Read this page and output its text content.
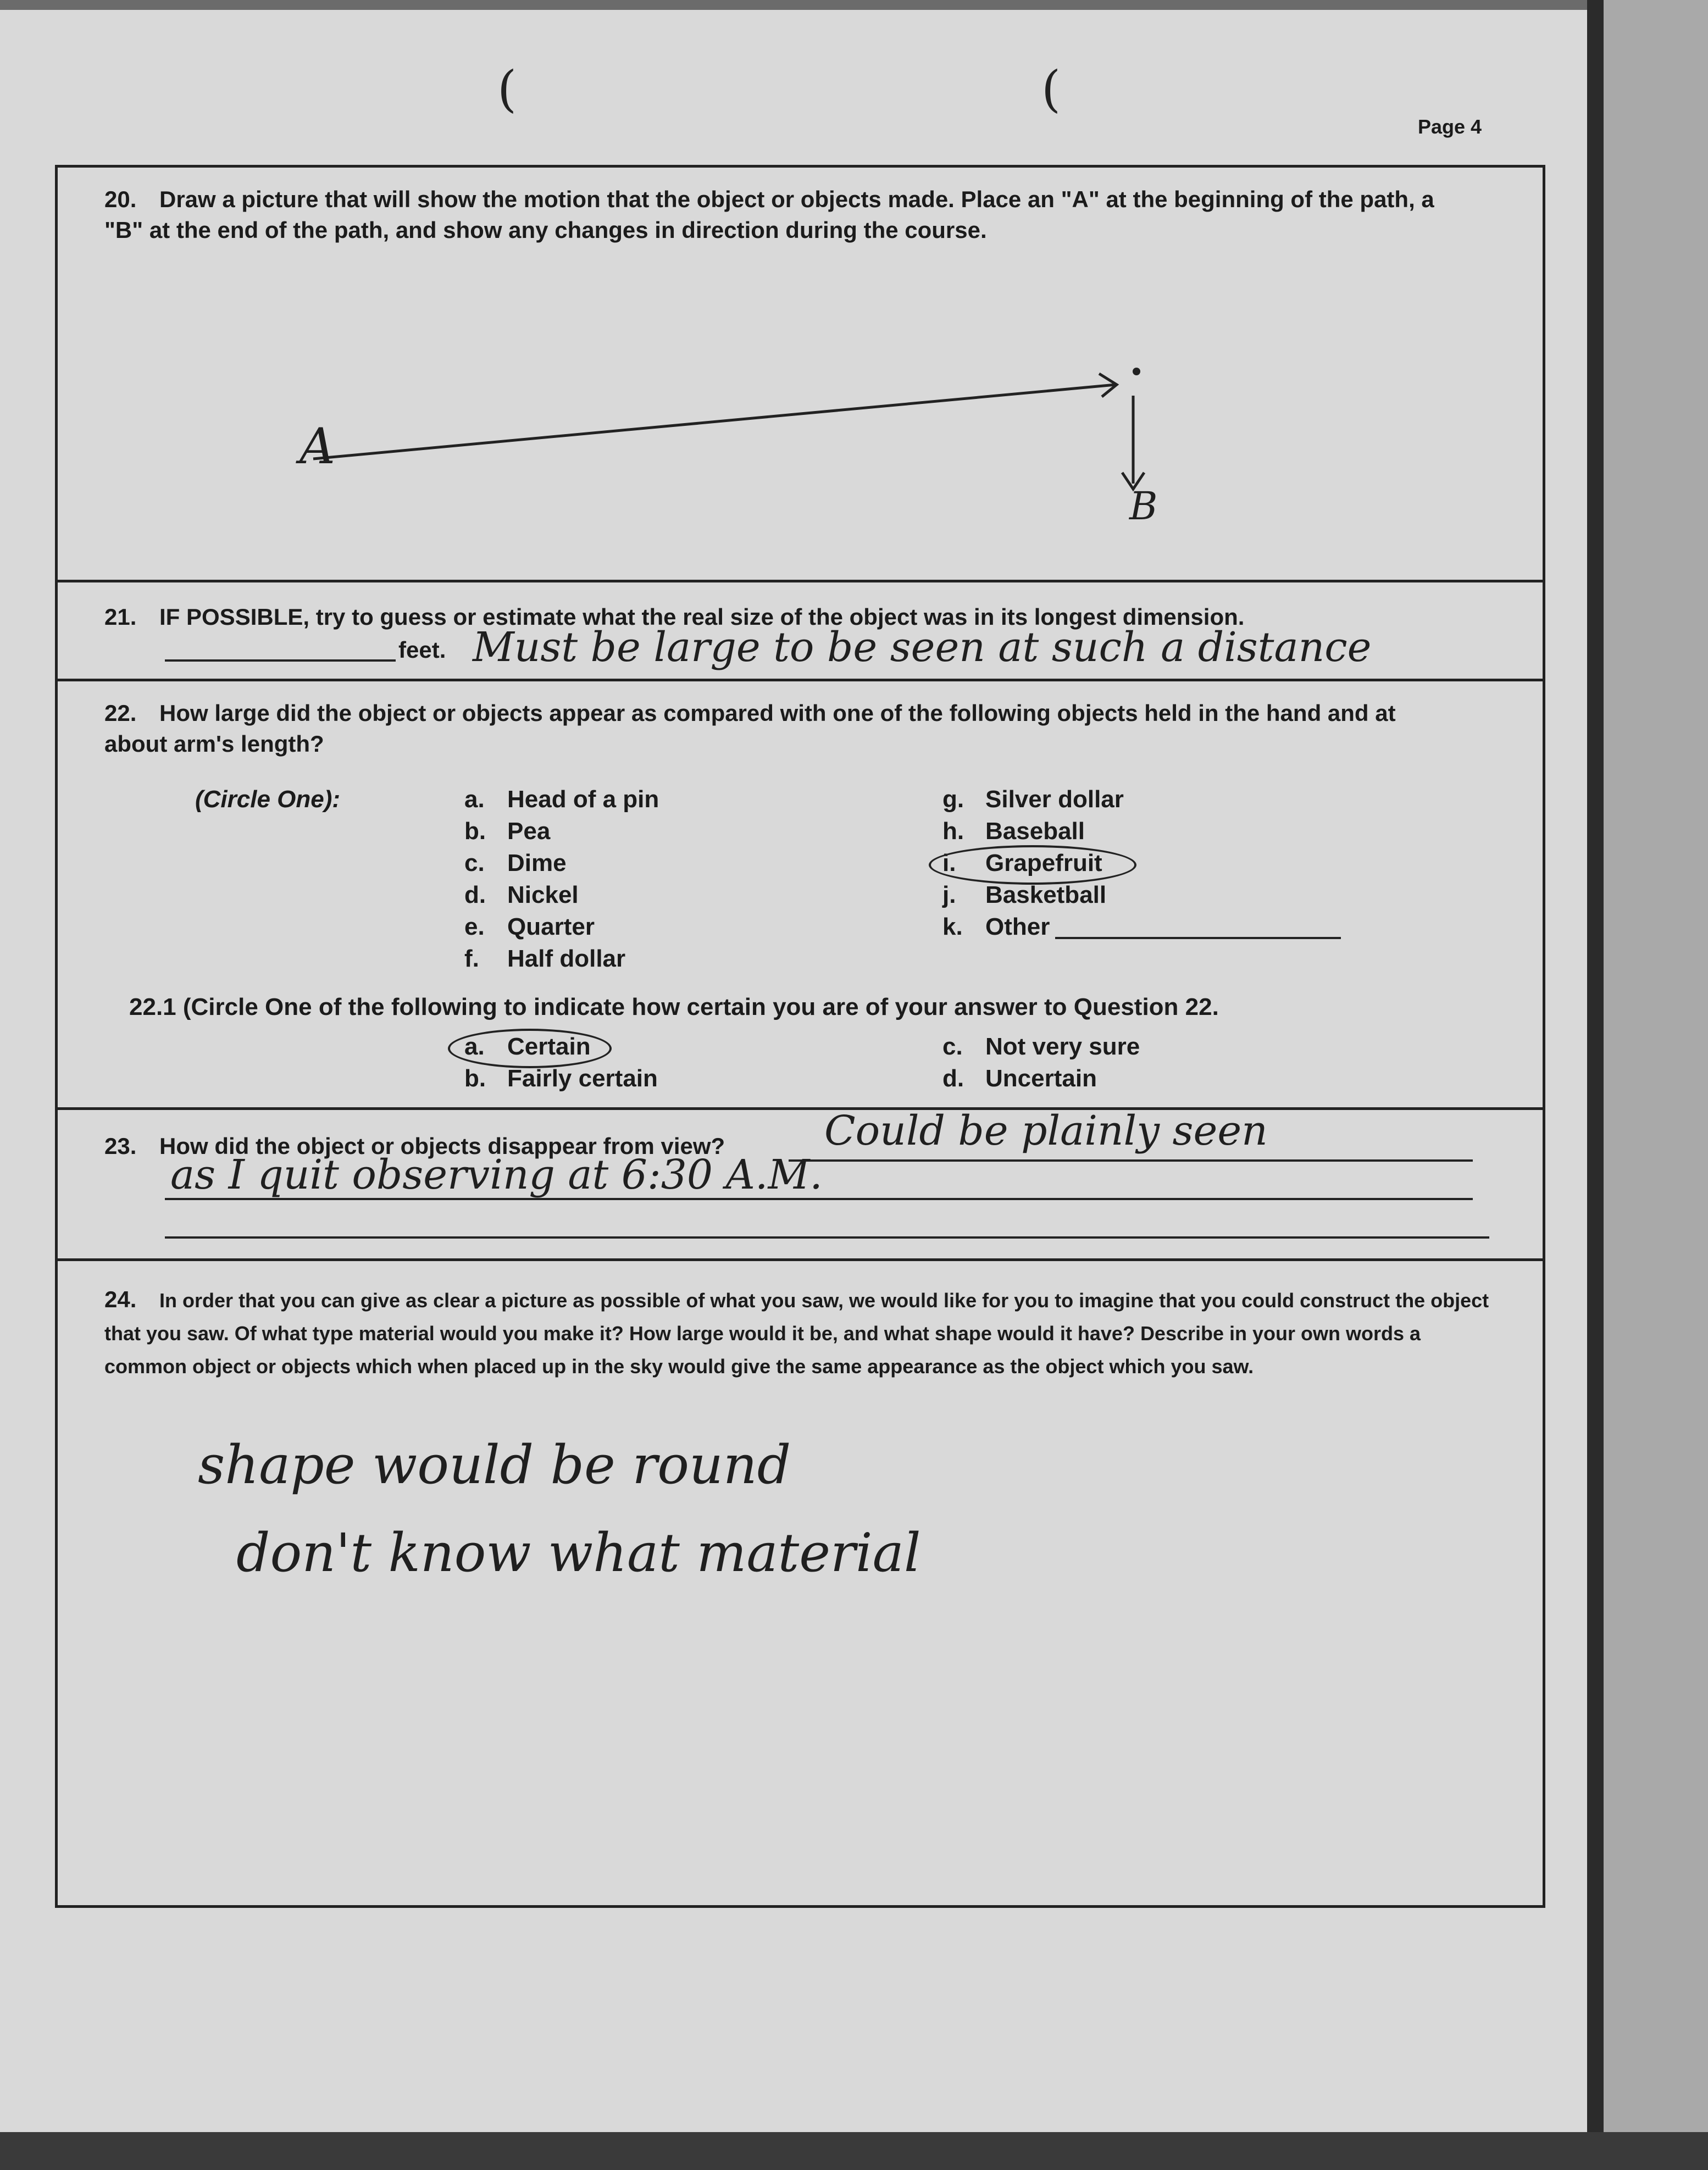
(	(
Page 4
20. Draw a picture that will show the motion that the object or objects made. Place an "A" at the beginning of the path, a "B" at the end of the path, and show any changes in direction during the course.
A
B
21. IF POSSIBLE, try to guess or estimate what the real size of the object was in its longest dimension.
feet. Must be large to be seen at such a distance
22. How large did the object or objects appear as compared with one of the following objects held in the hand and at about arm's length?
(Circle One):	a. Head of a pin
b. Pea
c. Dime
d. Nickel
e. Quarter
f. Half dollar
g. Silver dollar
h. Baseball
i. Grapefruit
j. Basketball
k. Other
22.1 (Circle One of the following to indicate how certain you are of your answer to Question 22.
a. Certain
b. Fairly certain
c. Not very sure
d. Uncertain
23. How did the object or objects disappear from view? Could be plainly seen
as I quit observing at 6:30 A.M.
24. In order that you can give as clear a picture as possible of what you saw, we would like for you to imagine that you could construct the object that you saw. Of what type material would you make it? How large would it be, and what shape would it have? Describe in your own words a common object or objects which when placed up in the sky would give the same appearance as the object which you saw.
shape would be round
don't know what material
